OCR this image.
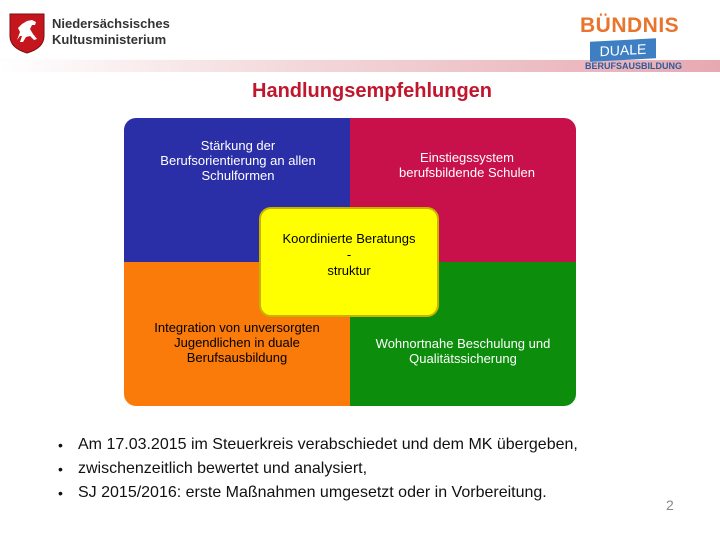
Niedersächsisches
Kultusministerium
BÜNDNIS
DUALE
BERUFSAUSBILDUNG
Handlungsempfehlungen
Stärkung der
Berufsorientierung an allen
Schulformen
Einstiegssystem
berufsbildende Schulen
Integration von unversorgten
Jugendlichen in duale
Berufsausbildung
Wohnortnahe Beschulung und
Qualitätssicherung
Koordinierte Beratungs
-
struktur
• Am 17.03.2015 im Steuerkreis verabschiedet und dem MK übergeben,
• zwischenzeitlich bewertet und analysiert,
• SJ 2015/2016: erste Maßnahmen umgesetzt oder in Vorbereitung.
2
